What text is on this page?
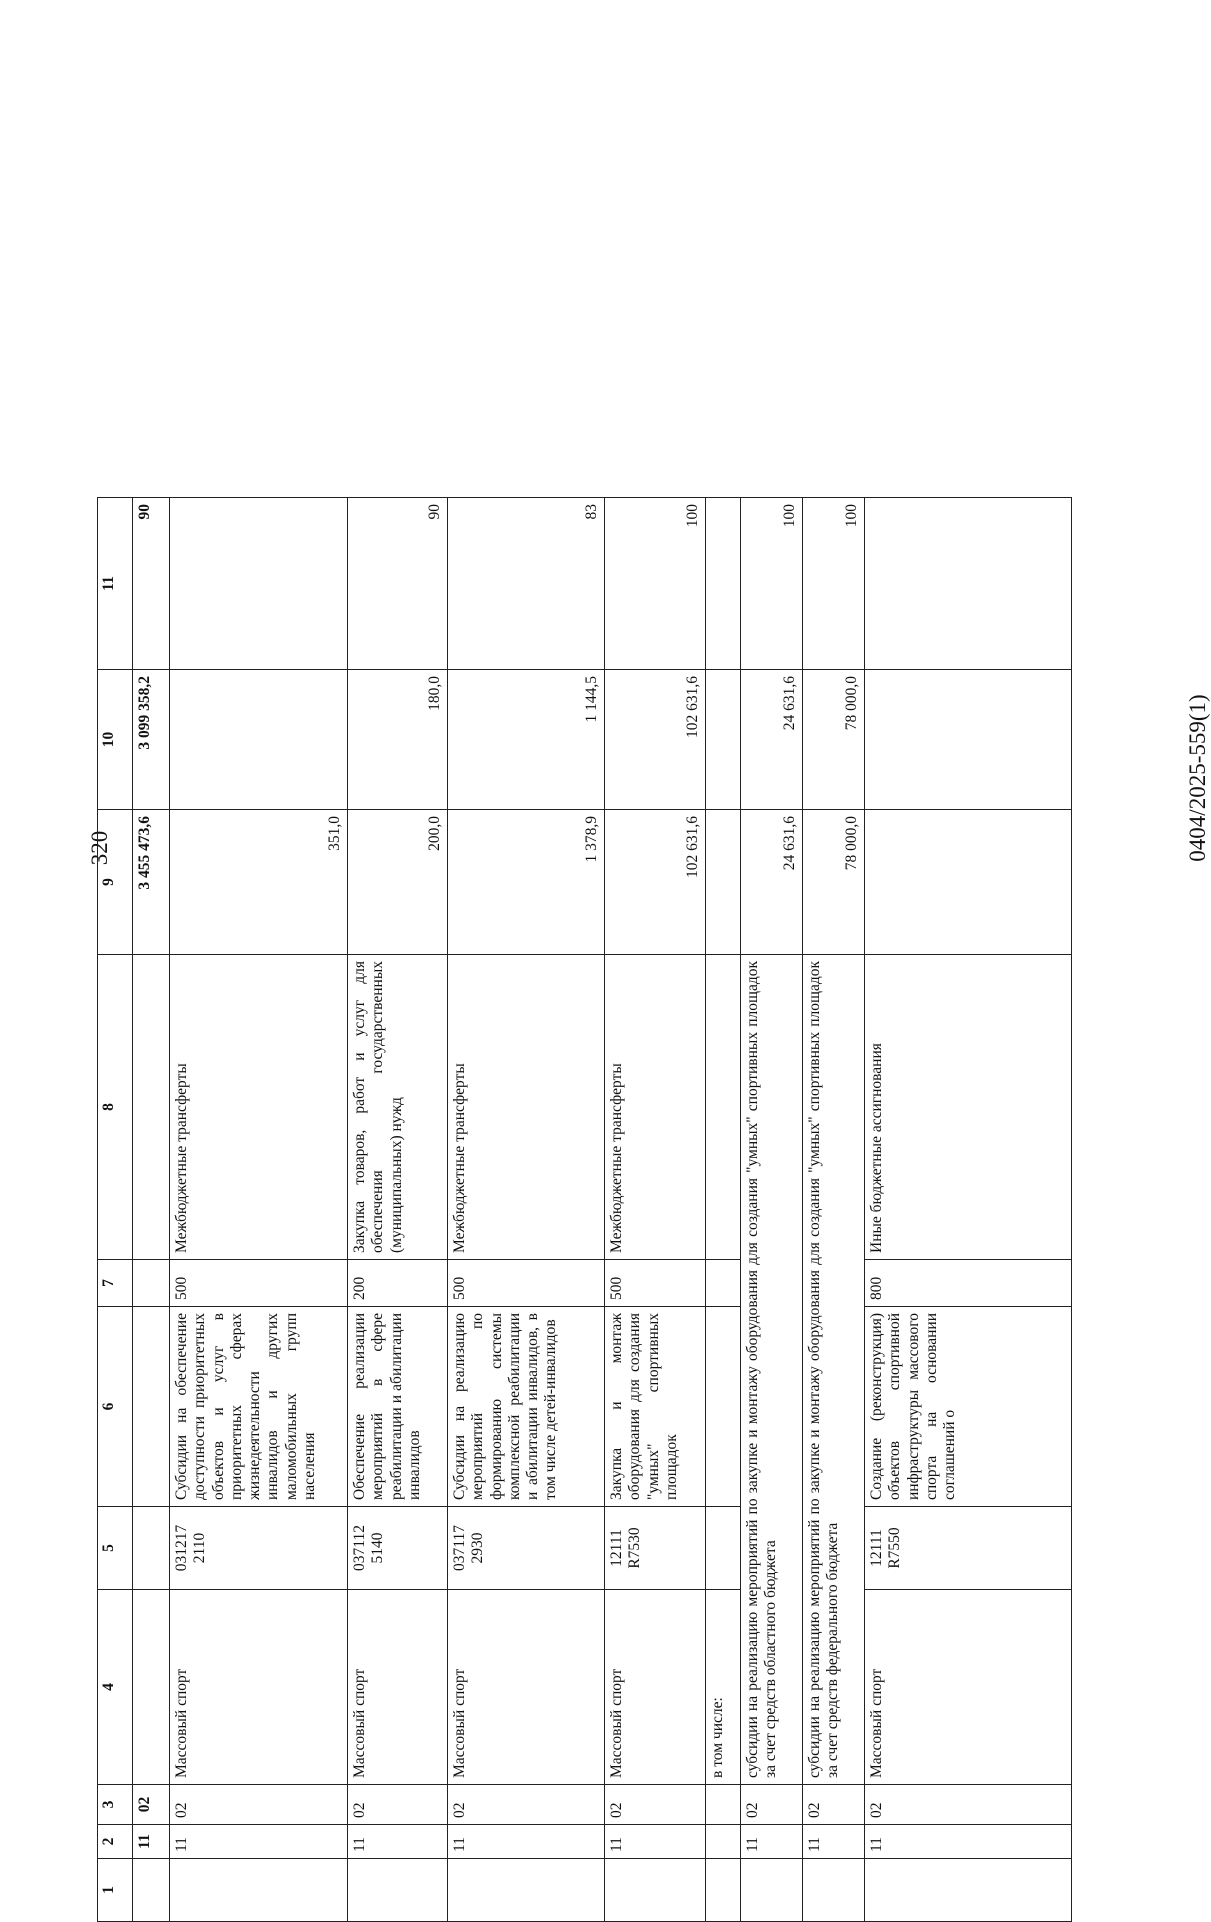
320	0404/2025-559(1)
1	2	3	4	5	6	7	8	9	10	11
	11	02						3 455 473,6	3 099 358,2	90
	11	02	Массовый спорт	031217 2110	Субсидии на обеспечение доступности приоритетных объектов и услуг в приоритетных сферах жизнедеятельности инвалидов и других маломобильных групп населения	500	Межбюджетные трансферты	351,0		
	11	02	Массовый спорт	037112 5140	Обеспечение реализации мероприятий в сфере реабилитации и абилитации инвалидов	200	Закупка товаров, работ и услуг для обеспечения государственных (муниципальных) нужд	200,0	180,0	90
	11	02	Массовый спорт	037117 2930	Субсидии на реализацию мероприятий по формированию системы комплексной реабилитации и абилитации инвалидов, в том числе детей-инвалидов	500	Межбюджетные трансферты	1 378,9	1 144,5	83
	11	02	Массовый спорт	12111 R7530	Закупка и монтаж оборудования для создания "умных" спортивных площадок	500	Межбюджетные трансферты	102 631,6	102 631,6	100
			в том числе:							
	11	02	субсидии на реализацию мероприятий по закупке и монтажу оборудования для создания "умных" спортивных площадок за счет средств областного бюджета					24 631,6	24 631,6	100
	11	02	субсидии на реализацию мероприятий по закупке и монтажу оборудования для создания "умных" спортивных площадок за счет средств федерального бюджета					78 000,0	78 000,0	100
	11	02	Массовый спорт	12111 R7550	Создание (реконструкция) объектов спортивной инфраструктуры массового спорта на основании соглашений о	800	Иные бюджетные ассигнования			
